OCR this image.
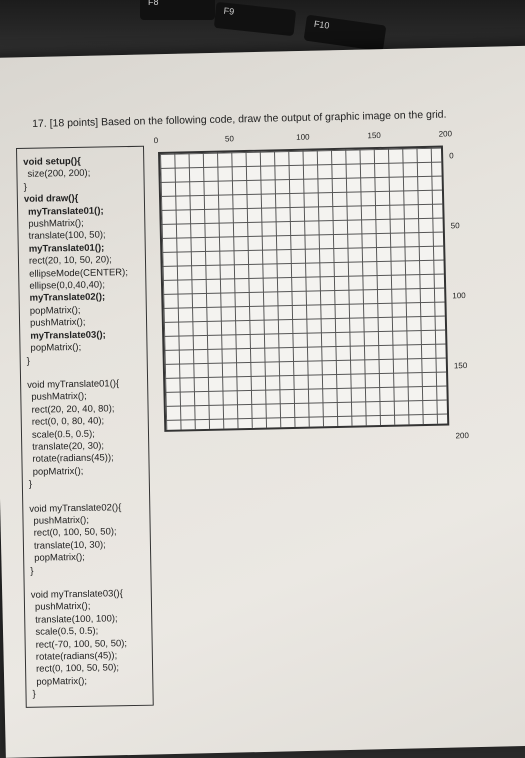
F8
F9
F10
17. [18 points] Based on the following code, draw the output of graphic image on the grid.
void setup(){
size(200, 200);
}
void draw(){
myTranslate01();
pushMatrix();
translate(100, 50);
myTranslate01();
rect(20, 10, 50, 20);
ellipseMode(CENTER);
ellipse(0,0,40,40);
myTranslate02();
popMatrix();
pushMatrix();
myTranslate03();
popMatrix();
}
void myTranslate01(){
pushMatrix();
rect(20, 20, 40, 80);
rect(0, 0, 80, 40);
scale(0.5, 0.5);
translate(20, 30);
rotate(radians(45));
popMatrix();
}
void myTranslate02(){
pushMatrix();
rect(0, 100, 50, 50);
translate(10, 30);
popMatrix();
}
void myTranslate03(){
pushMatrix();
translate(100, 100);
scale(0.5, 0.5);
rect(-70, 100, 50, 50);
rotate(radians(45));
rect(0, 100, 50, 50);
popMatrix();
}
0	50	100	150	200
0
50
100
150
200
